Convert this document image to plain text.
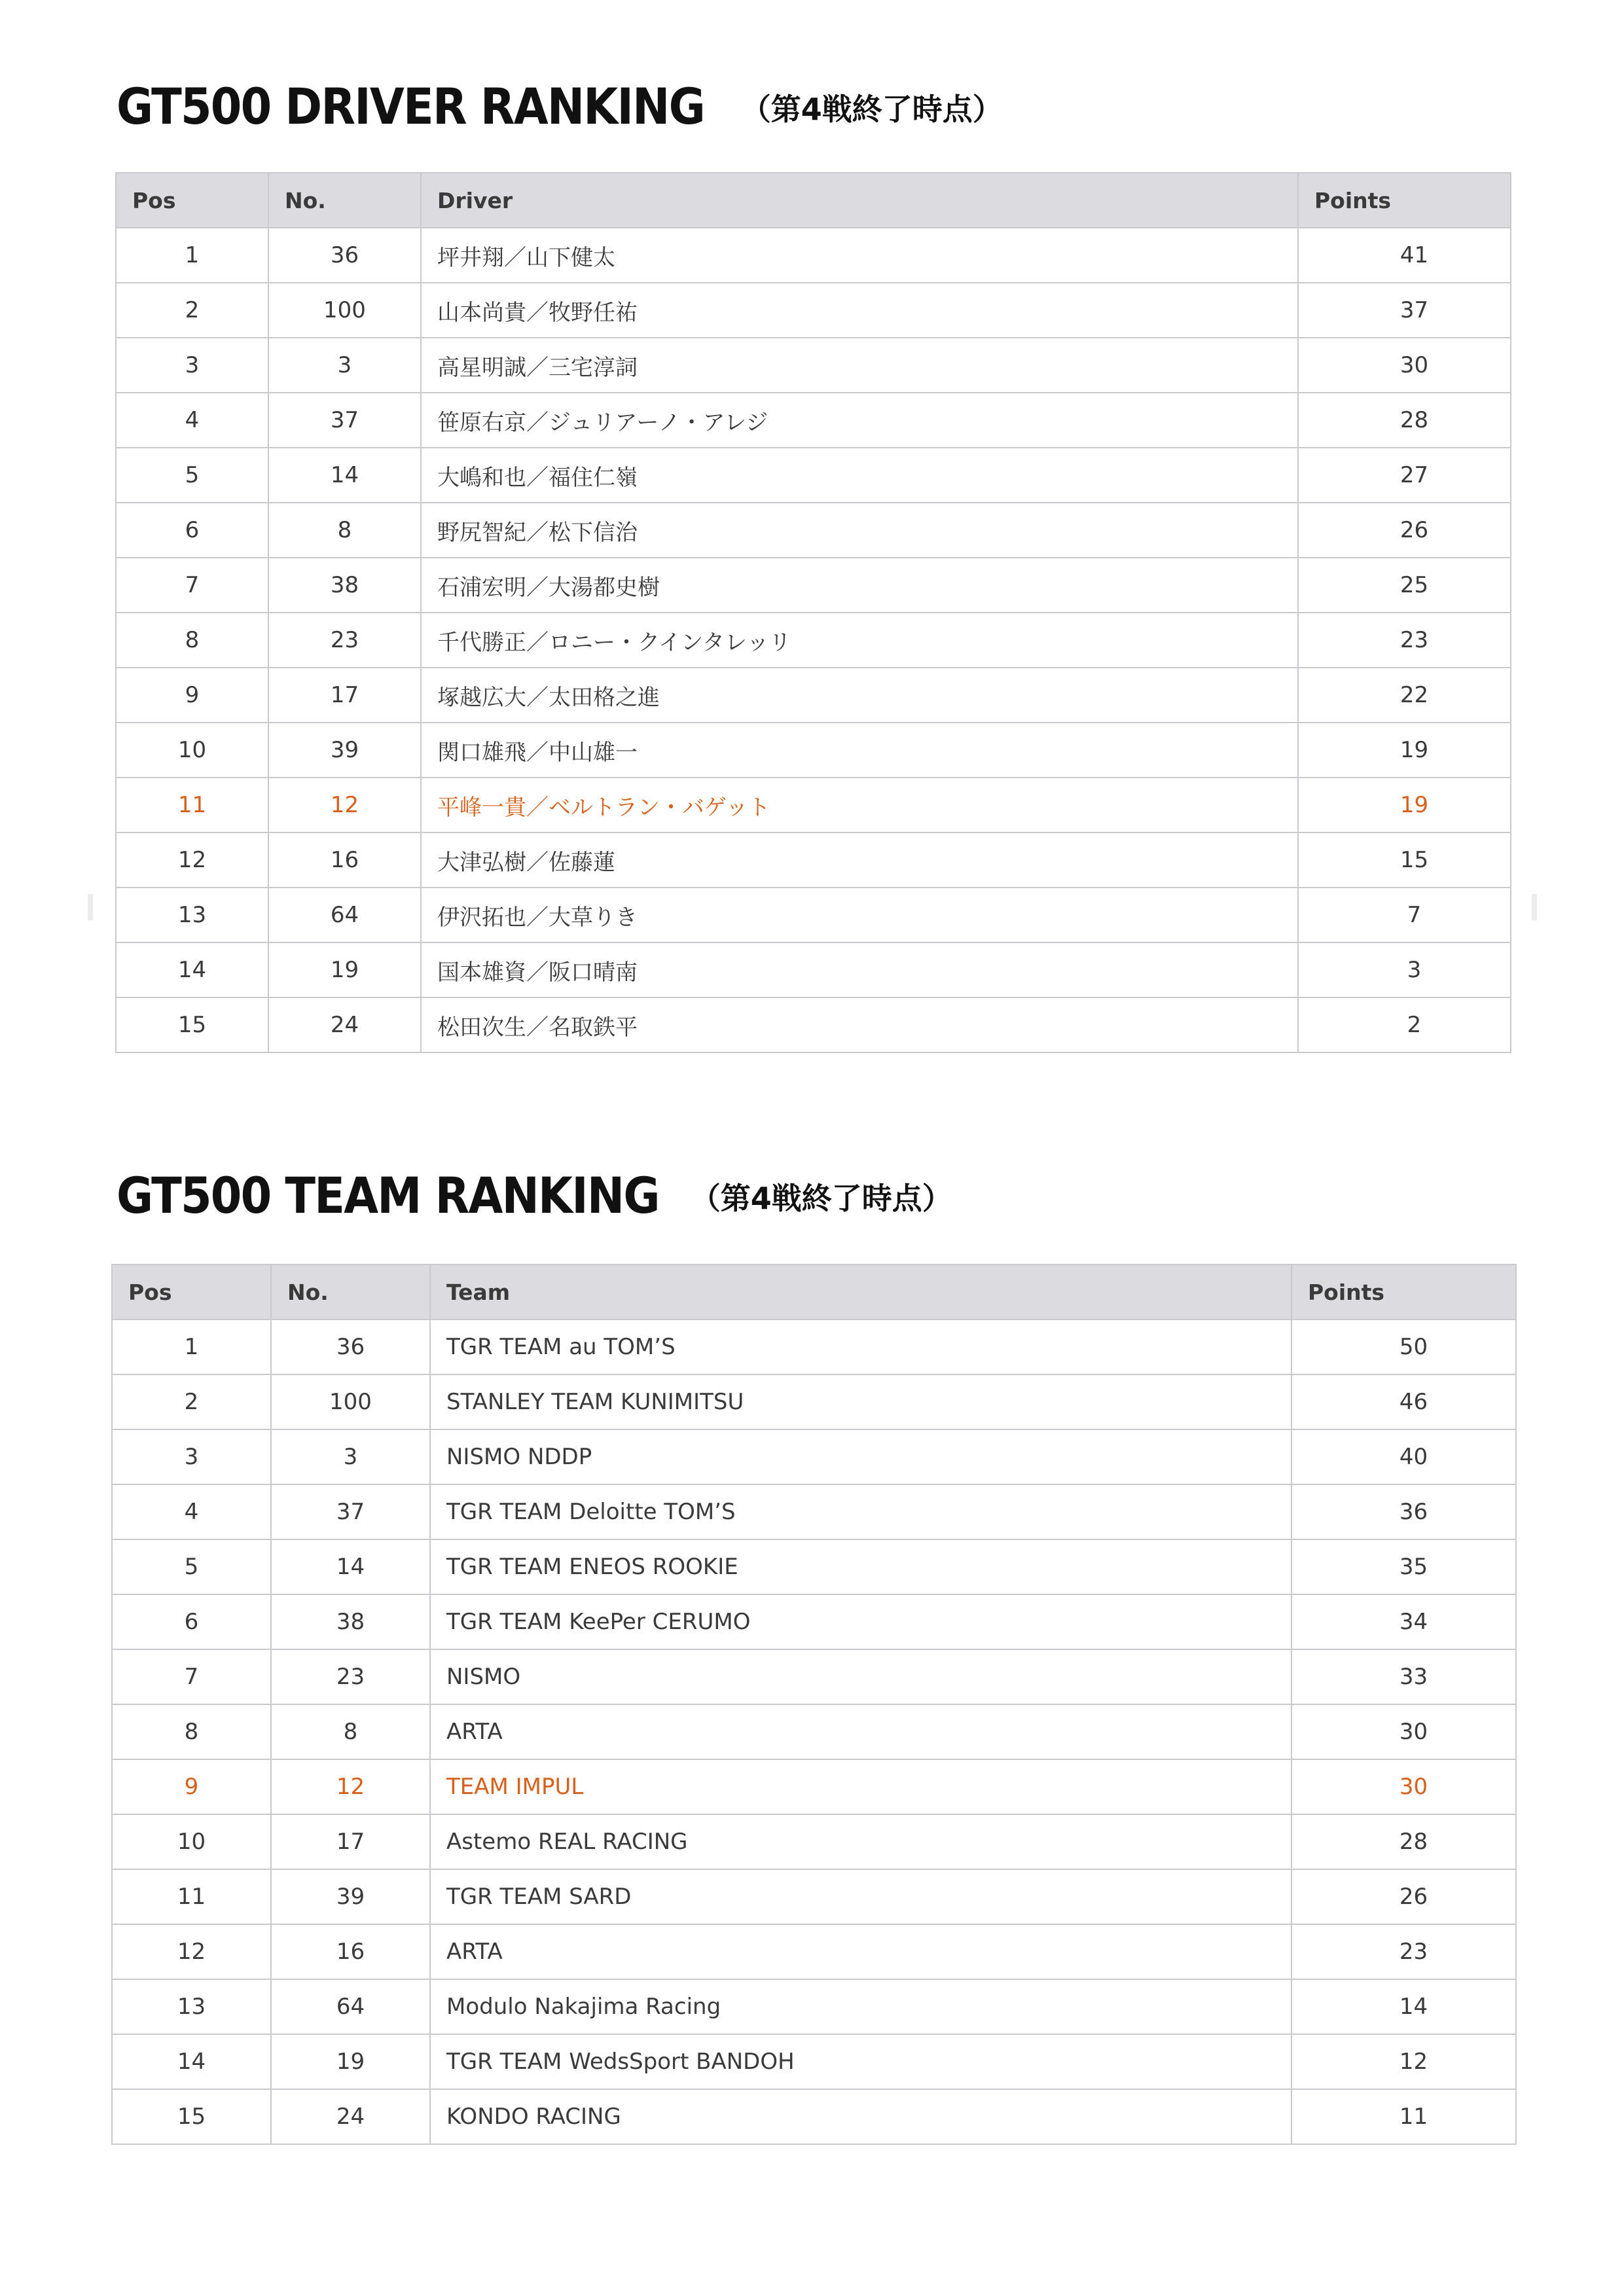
GT500 DRIVER RANKING （第4戦終了時点）
Pos	No.	Driver	Points
1	36	坪井翔／山下健太	41
2	100	山本尚貴／牧野任祐	37
3	3	高星明誠／三宅淳詞	30
4	37	笹原右京／ジュリアーノ・アレジ	28
5	14	大嶋和也／福住仁嶺	27
6	8	野尻智紀／松下信治	26
7	38	石浦宏明／大湯都史樹	25
8	23	千代勝正／ロニー・クインタレッリ	23
9	17	塚越広大／太田格之進	22
10	39	関口雄飛／中山雄一	19
11	12	平峰一貴／ベルトラン・バゲット	19
12	16	大津弘樹／佐藤蓮	15
13	64	伊沢拓也／大草りき	7
14	19	国本雄資／阪口晴南	3
15	24	松田次生／名取鉄平	2
GT500 TEAM RANKING （第4戦終了時点）
Pos	No.	Team	Points
1	36	TGR TEAM au TOM’S	50
2	100	STANLEY TEAM KUNIMITSU	46
3	3	NISMO NDDP	40
4	37	TGR TEAM Deloitte TOM’S	36
5	14	TGR TEAM ENEOS ROOKIE	35
6	38	TGR TEAM KeePer CERUMO	34
7	23	NISMO	33
8	8	ARTA	30
9	12	TEAM IMPUL	30
10	17	Astemo REAL RACING	28
11	39	TGR TEAM SARD	26
12	16	ARTA	23
13	64	Modulo Nakajima Racing	14
14	19	TGR TEAM WedsSport BANDOH	12
15	24	KONDO RACING	11
